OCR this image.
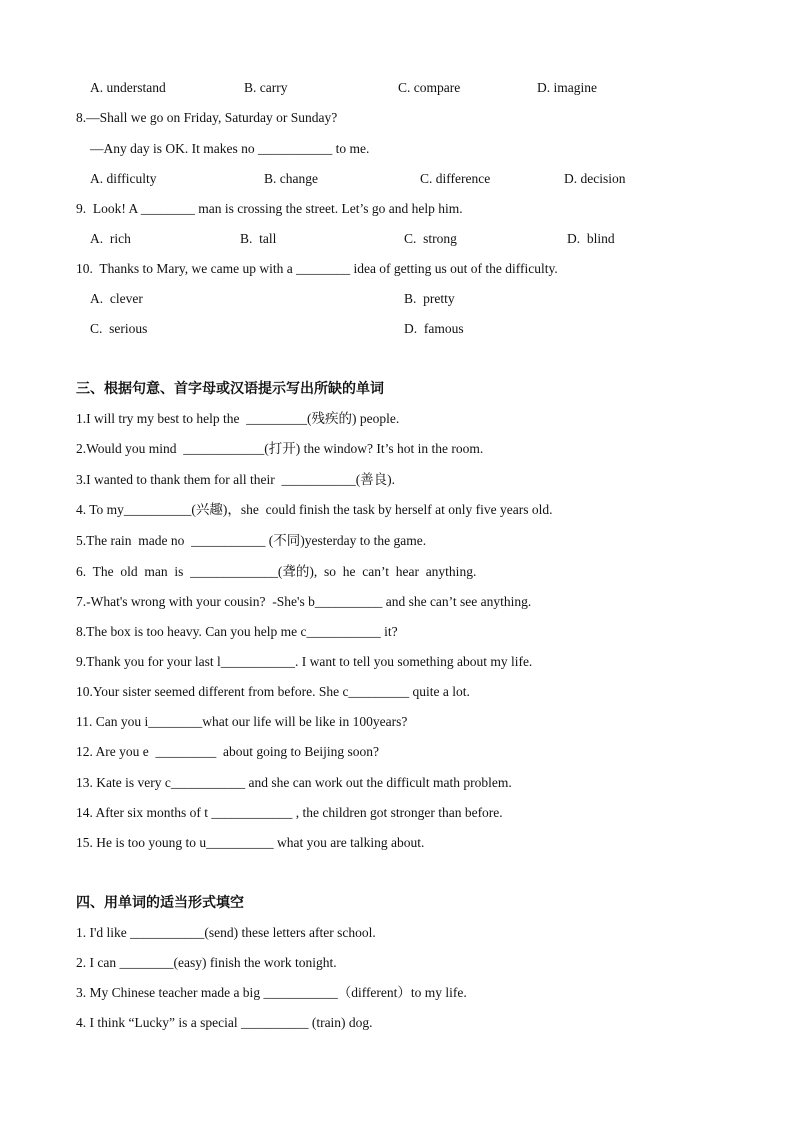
A. understand	B. carry	C. compare	D. imagine
8.—Shall we go on Friday, Saturday or Sunday?
—Any day is OK. It makes no ___________ to me.
A. difficulty	B. change	C. difference	D. decision
9.  Look! A ________ man is crossing the street. Let’s go and help him.
A.  rich	B.  tall	C.  strong	D.  blind
10.  Thanks to Mary, we came up with a ________ idea of getting us out of the difficulty.
A.  clever	B.  pretty
C.  serious	D.  famous
三、根据句意、首字母或汉语提示写出所缺的单词
1.I will try my best to help the  _________(残疾的) people.
2.Would you mind  ____________(打开) the window? It’s hot in the room.
3.I wanted to thank them for all their  ___________(善良).
4. To my__________(兴趣)，she  could finish the task by herself at only five years old.
5.The rain  made no  ___________ (不同)yesterday to the game.
6.  The  old  man  is  _____________(聋的),  so  he  can’t  hear  anything.
7.-What's wrong with your cousin?  -She's b__________ and she can’t see anything.
8.The box is too heavy. Can you help me c___________ it?
9.Thank you for your last l___________. I want to tell you something about my life.
10.Your sister seemed different from before. She c_________ quite a lot.
11. Can you i________what our life will be like in 100years?
12. Are you e  _________  about going to Beijing soon?
13. Kate is very c___________ and she can work out the difficult math problem.
14. After six months of t ____________ , the children got stronger than before.
15. He is too young to u__________ what you are talking about.
四、用单词的适当形式填空
1. I'd like ___________(send) these letters after school.
2. I can ________(easy) finish the work tonight.
3. My Chinese teacher made a big ___________（different）to my life.
4. I think “Lucky” is a special __________ (train) dog.
